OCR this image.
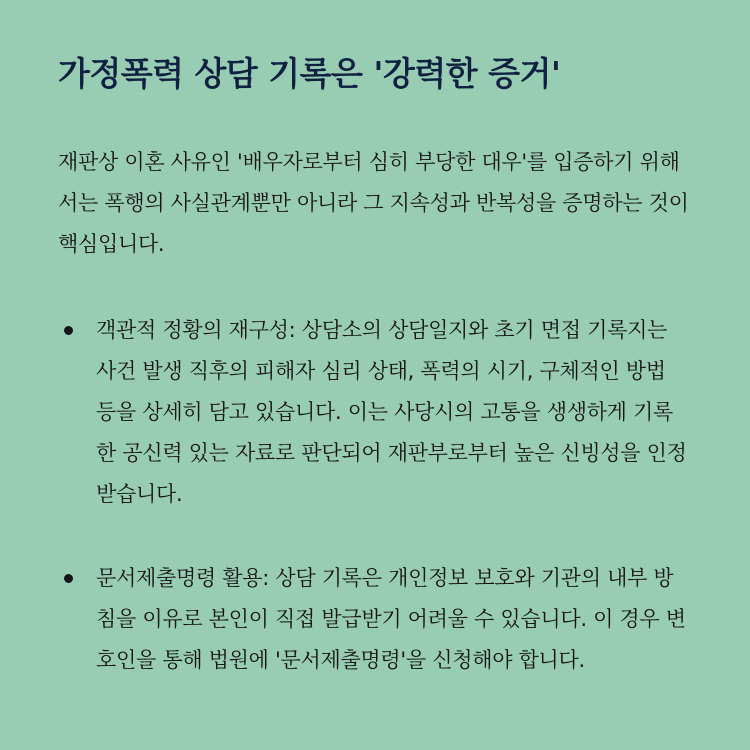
가정폭력 상담 기록은 '강력한 증거'

재판상 이혼 사유인 '배우자로부터 심히 부당한 대우'를 입증하기 위해서는 폭행의 사실관계뿐만 아니라 그 지속성과 반복성을 증명하는 것이 핵심입니다.

객관적 정황의 재구성: 상담소의 상담일지와 초기 면접 기록지는 사건 발생 직후의 피해자 심리 상태, 폭력의 시기, 구체적인 방법 등을 상세히 담고 있습니다. 이는 사당시의 고통을 생생하게 기록한 공신력 있는 자료로 판단되어 재판부로부터 높은 신빙성을 인정받습니다.
문서제출명령 활용: 상담 기록은 개인정보 보호와 기관의 내부 방침을 이유로 본인이 직접 발급받기 어려울 수 있습니다. 이 경우 변호인을 통해 법원에 '문서제출명령'을 신청해야 합니다.
